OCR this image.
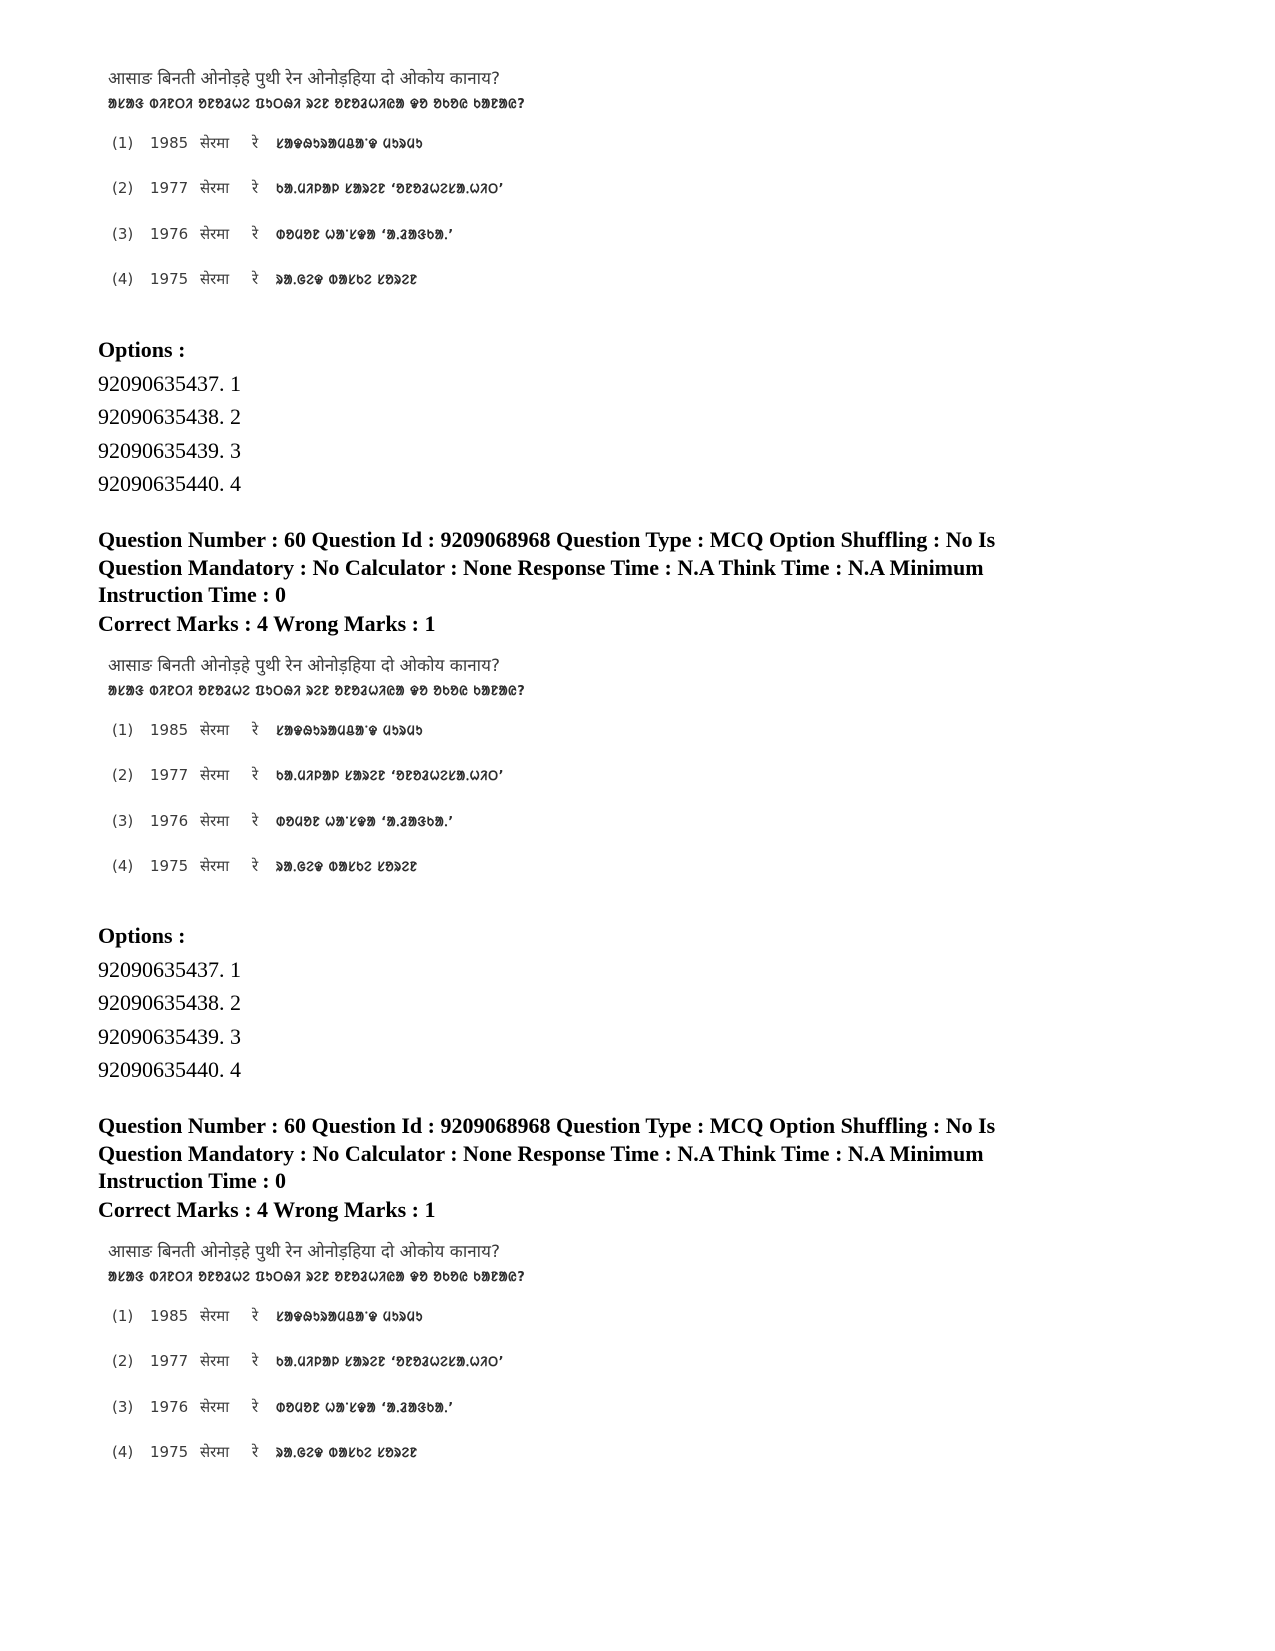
आसाङ बिनती ओनोड़हे पुथी रेन ओनोड़हिया दो ओकोय कानाय?
ᱟᱥᱟᱝ ᱵᱤᱱᱛᱤ ᱚᱱᱚᱲᱦᱮ ᱯᱩᱛᱷᱤ ᱨᱮᱱ ᱚᱱᱚᱲᱦᱤᱭᱟ ᱫᱚ ᱚᱠᱚᱭ ᱠᱟᱱᱟᱭ?
(1) 1985 सेरमा रे ᱥᱟᱫᱷᱩᱨᱟᱢᱪᱟᱸᱫ ᱢᱩᱨᱢᱩ
(2) 1977 सेरमा रे ᱠᱟᱹᱢᱤᱞᱟᱞ ᱥᱟᱨᱮᱱ ‘ᱚᱱᱚᱲᱦᱮᱥᱟᱹᱦᱤᱛ’
(3) 1976 सेरमा रे ᱰᱚᱢᱚᱱ ᱦᱟᱸᱥᱫᱟ ‘ᱟᱹᱲᱟᱝᱠᱟᱹ’
(4) 1975 सेरमा रे ᱨᱟᱹᱜᱮᱫ ᱵᱟᱥᱠᱮ ᱥᱚᱨᱮᱱ
Options :
92090635437. 1
92090635438. 2
92090635439. 3
92090635440. 4
Question Number : 60 Question Id : 9209068968 Question Type : MCQ Option Shuffling : No Is
Question Mandatory : No Calculator : None Response Time : N.A Think Time : N.A Minimum
Instruction Time : 0
Correct Marks : 4 Wrong Marks : 1
आसाङ बिनती ओनोड़हे पुथी रेन ओनोड़हिया दो ओकोय कानाय?
ᱟᱥᱟᱝ ᱵᱤᱱᱛᱤ ᱚᱱᱚᱲᱦᱮ ᱯᱩᱛᱷᱤ ᱨᱮᱱ ᱚᱱᱚᱲᱦᱤᱭᱟ ᱫᱚ ᱚᱠᱚᱭ ᱠᱟᱱᱟᱭ?
(1) 1985 सेरमा रे ᱥᱟᱫᱷᱩᱨᱟᱢᱪᱟᱸᱫ ᱢᱩᱨᱢᱩ
(2) 1977 सेरमा रे ᱠᱟᱹᱢᱤᱞᱟᱞ ᱥᱟᱨᱮᱱ ‘ᱚᱱᱚᱲᱦᱮᱥᱟᱹᱦᱤᱛ’
(3) 1976 सेरमा रे ᱰᱚᱢᱚᱱ ᱦᱟᱸᱥᱫᱟ ‘ᱟᱹᱲᱟᱝᱠᱟᱹ’
(4) 1975 सेरमा रे ᱨᱟᱹᱜᱮᱫ ᱵᱟᱥᱠᱮ ᱥᱚᱨᱮᱱ
Options :
92090635437. 1
92090635438. 2
92090635439. 3
92090635440. 4
Question Number : 60 Question Id : 9209068968 Question Type : MCQ Option Shuffling : No Is
Question Mandatory : No Calculator : None Response Time : N.A Think Time : N.A Minimum
Instruction Time : 0
Correct Marks : 4 Wrong Marks : 1
आसाङ बिनती ओनोड़हे पुथी रेन ओनोड़हिया दो ओकोय कानाय?
ᱟᱥᱟᱝ ᱵᱤᱱᱛᱤ ᱚᱱᱚᱲᱦᱮ ᱯᱩᱛᱷᱤ ᱨᱮᱱ ᱚᱱᱚᱲᱦᱤᱭᱟ ᱫᱚ ᱚᱠᱚᱭ ᱠᱟᱱᱟᱭ?
(1) 1985 सेरमा रे ᱥᱟᱫᱷᱩᱨᱟᱢᱪᱟᱸᱫ ᱢᱩᱨᱢᱩ
(2) 1977 सेरमा रे ᱠᱟᱹᱢᱤᱞᱟᱞ ᱥᱟᱨᱮᱱ ‘ᱚᱱᱚᱲᱦᱮᱥᱟᱹᱦᱤᱛ’
(3) 1976 सेरमा रे ᱰᱚᱢᱚᱱ ᱦᱟᱸᱥᱫᱟ ‘ᱟᱹᱲᱟᱝᱠᱟᱹ’
(4) 1975 सेरमा रे ᱨᱟᱹᱜᱮᱫ ᱵᱟᱥᱠᱮ ᱥᱚᱨᱮᱱ
